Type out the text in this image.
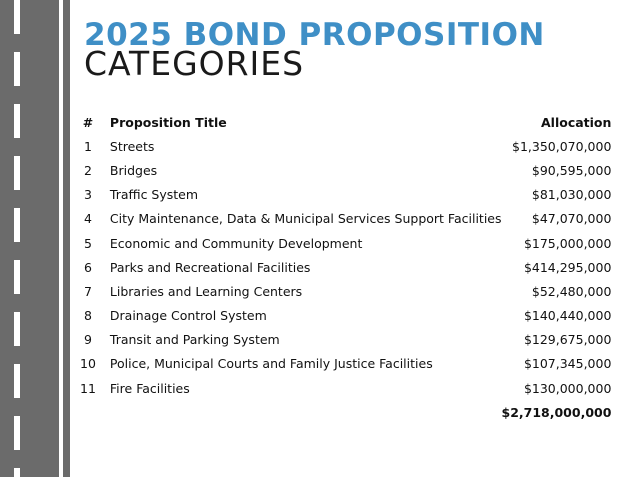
2025 BOND PROPOSITION
CATEGORIES
#	Proposition Title	Allocation
1	Streets	$1,350,070,000
2	Bridges	$90,595,000
3	Traffic System	$81,030,000
4	City Maintenance, Data & Municipal Services Support Facilities	$47,070,000
5	Economic and Community Development	$175,000,000
6	Parks and Recreational Facilities	$414,295,000
7	Libraries and Learning Centers	$52,480,000
8	Drainage Control System	$140,440,000
9	Transit and Parking System	$129,675,000
10	Police, Municipal Courts and Family Justice Facilities	$107,345,000
11	Fire Facilities	$130,000,000
		$2,718,000,000
